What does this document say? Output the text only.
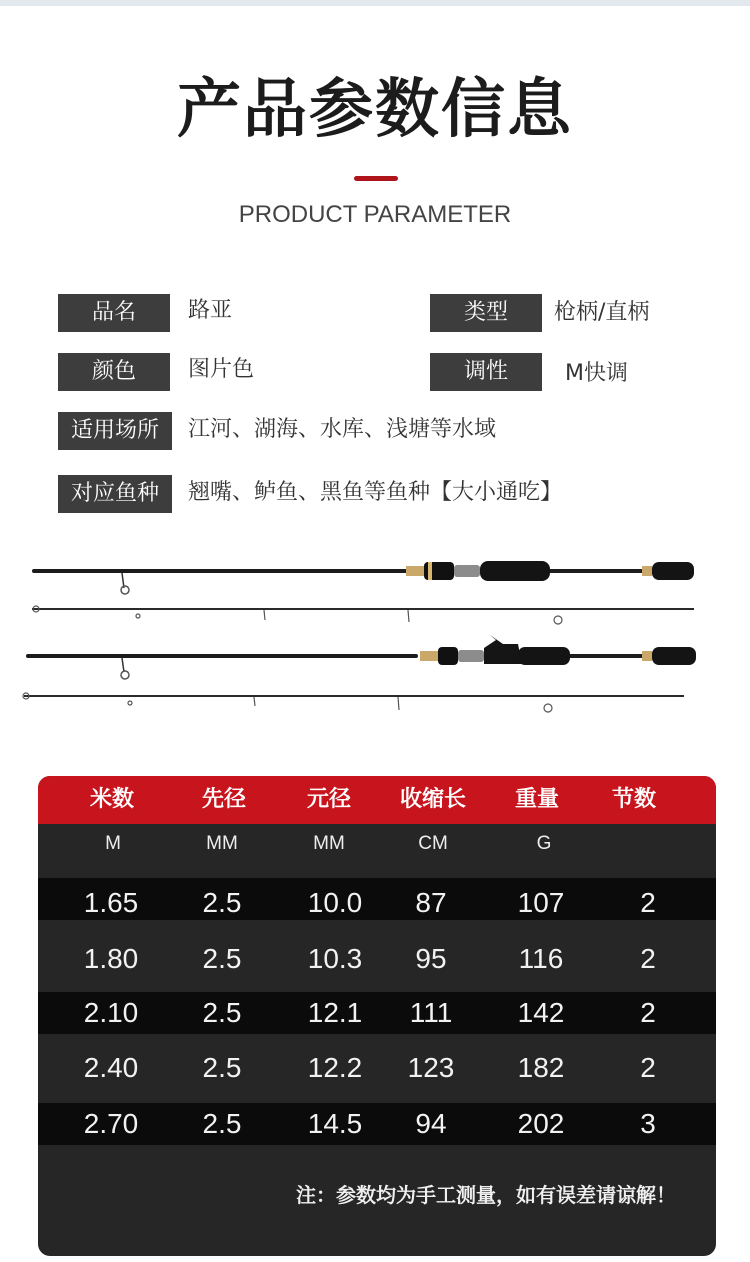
产品参数信息
PRODUCT PARAMETER
品名	路亚	类型	枪柄/直柄
颜色	图片色	调性	M快调
适用场所	江河、湖海、水库、浅塘等水域
对应鱼种	翘嘴、鲈鱼、黑鱼等鱼种【大小通吃】
米数	先径	元径 收缩长 重量 节数
M	MM	MM	CM	G
1.65 2.5 10.0 87	107	2
1.80 2.5 10.3 95	116	2
2.10 2.5 12.1 111 142	2
2.40 2.5 12.2 123 182	2
2.70 2.5 14.5 94	202	3
注：参数均为手工测量，如有误差请谅解！
